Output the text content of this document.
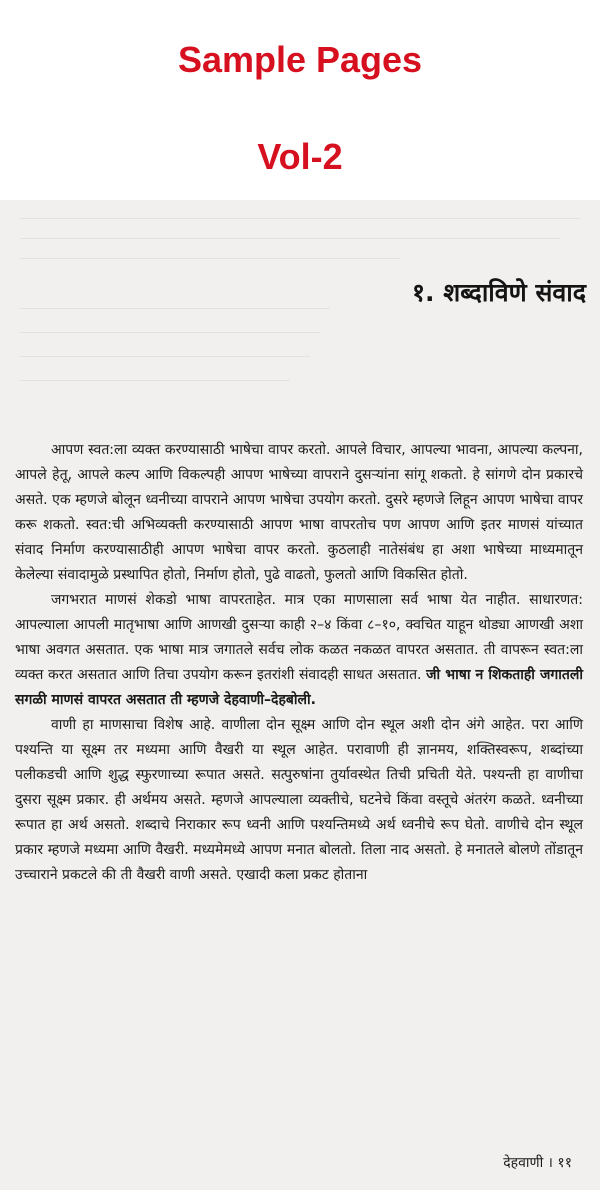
Sample Pages
Vol-2
१. शब्दाविणे संवाद

आपण स्वत:ला व्यक्त करण्यासाठी भाषेचा वापर करतो. आपले विचार, आपल्या भावना, आपल्या कल्पना, आपले हेतू, आपले कल्प आणि विकल्पही आपण भाषेच्या वापराने दुसऱ्यांना सांगू शकतो. हे सांगणे दोन प्रकारचे असते. एक म्हणजे बोलून ध्वनीच्या वापराने आपण भाषेचा उपयोग करतो. दुसरे म्हणजे लिहून आपण भाषेचा वापर करू शकतो. स्वत:ची अभिव्यक्ती करण्यासाठी आपण भाषा वापरतोच पण आपण आणि इतर माणसं यांच्यात संवाद निर्माण करण्यासाठीही आपण भाषेचा वापर करतो. कुठलाही नातेसंबंध हा अशा भाषेच्या माध्यमातून केलेल्या संवादामुळे प्रस्थापित होतो, निर्माण होतो, पुढे वाढतो, फुलतो आणि विकसित होतो.

जगभरात माणसं शेकडो भाषा वापरताहेत. मात्र एका माणसाला सर्व भाषा येत नाहीत. साधारणत: आपल्याला आपली मातृभाषा आणि आणखी दुसऱ्या काही २–४ किंवा ८–१०, क्वचित याहून थोड्या आणखी अशा भाषा अवगत असतात. एक भाषा मात्र जगातले सर्वच लोक कळत नकळत वापरत असतात. ती वापरून स्वत:ला व्यक्त करत असतात आणि तिचा उपयोग करून इतरांशी संवादही साधत असतात. जी भाषा न शिकताही जगातली सगळी माणसं वापरत असतात ती म्हणजे देहवाणी–देहबोली.

वाणी हा माणसाचा विशेष आहे. वाणीला दोन सूक्ष्म आणि दोन स्थूल अशी दोन अंगे आहेत. परा आणि पश्यन्ति या सूक्ष्म तर मध्यमा आणि वैखरी या स्थूल आहेत. परावाणी ही ज्ञानमय, शक्तिस्वरूप, शब्दांच्या पलीकडची आणि शुद्ध स्फुरणाच्या रूपात असते. सत्पुरुषांना तुर्यावस्थेत तिची प्रचिती येते. पश्यन्ती हा वाणीचा दुसरा सूक्ष्म प्रकार. ही अर्थमय असते. म्हणजे आपल्याला व्यक्तीचे, घटनेचे किंवा वस्तूचे अंतरंग कळते. ध्वनीच्या रूपात हा अर्थ असतो. शब्दाचे निराकार रूप ध्वनी आणि पश्यन्तिमध्ये अर्थ ध्वनीचे रूप घेतो. वाणीचे दोन स्थूल प्रकार म्हणजे मध्यमा आणि वैखरी. मध्यमेमध्ये आपण मनात बोलतो. तिला नाद असतो. हे मनातले बोलणे तोंडातून उच्चाराने प्रकटले की ती वैखरी वाणी असते. एखादी कला प्रकट होताना

देहवाणी । ११
